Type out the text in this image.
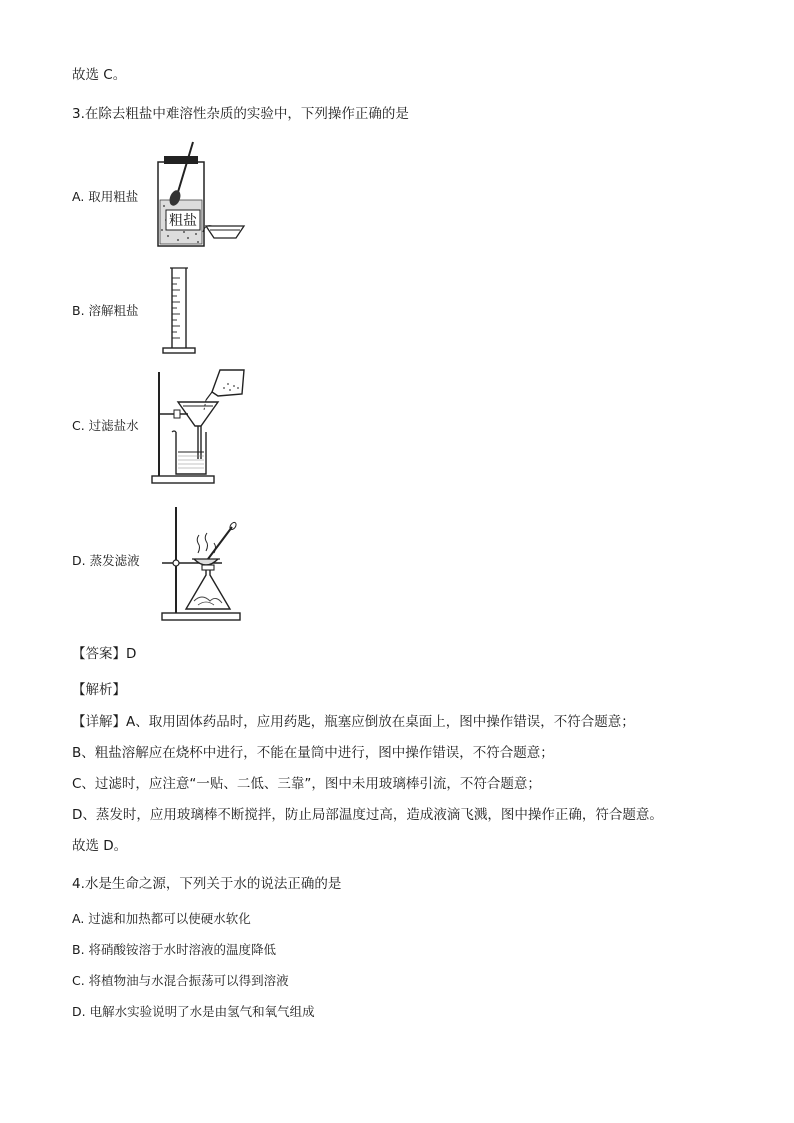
故选 C。
3.在除去粗盐中难溶性杂质的实验中，下列操作正确的是
A. 取用粗盐
粗盐
B. 溶解粗盐
C. 过滤盐水
D. 蒸发滤液
【答案】D
【解析】
【详解】A、取用固体药品时，应用药匙，瓶塞应倒放在桌面上，图中操作错误，不符合题意；
B、粗盐溶解应在烧杯中进行，不能在量筒中进行，图中操作错误，不符合题意；
C、过滤时，应注意“一贴、二低、三靠”，图中未用玻璃棒引流，不符合题意；
D、蒸发时，应用玻璃棒不断搅拌，防止局部温度过高，造成液滴飞溅，图中操作正确，符合题意。
故选 D。
4.水是生命之源，下列关于水的说法正确的是
A. 过滤和加热都可以使硬水软化
B. 将硝酸铵溶于水时溶液的温度降低
C. 将植物油与水混合振荡可以得到溶液
D. 电解水实验说明了水是由氢气和氧气组成
